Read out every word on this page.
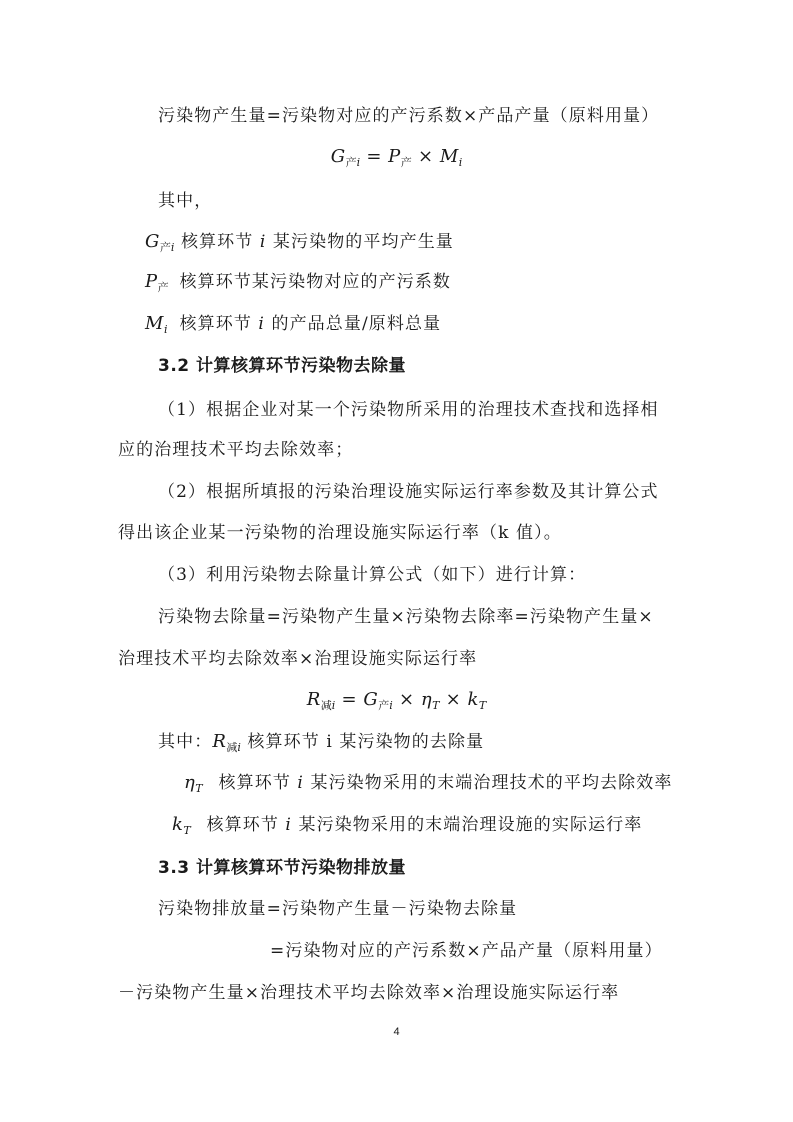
污染物产生量=污染物对应的产污系数×产品产量（原料用量）
$G_{产i} = P_产 \times M_i$
其中，
$G_{产i}$ 核算环节 i 某污染物的平均产生量
$P_产$ 核算环节某污染物对应的产污系数
$M_i$ 核算环节 i 的产品总量/原料总量
3.2 计算核算环节污染物去除量
（1）根据企业对某一个污染物所采用的治理技术查找和选择相
应的治理技术平均去除效率；
（2）根据所填报的污染治理设施实际运行率参数及其计算公式
得出该企业某一污染物的治理设施实际运行率（k 值）。
（3）利用污染物去除量计算公式（如下）进行计算：
污染物去除量=污染物产生量×污染物去除率=污染物产生量×
治理技术平均去除效率×治理设施实际运行率
$R_{减i} = G_{产i} \times \eta_T \times k_T$
其中：$R_{减i}$ 核算环节 i 某污染物的去除量
$\eta_T$ 核算环节 i 某污染物采用的末端治理技术的平均去除效率
$k_T$ 核算环节 i 某污染物采用的末端治理设施的实际运行率
3.3 计算核算环节污染物排放量
污染物排放量=污染物产生量－污染物去除量
=污染物对应的产污系数×产品产量（原料用量）
－污染物产生量×治理技术平均去除效率×治理设施实际运行率
4
